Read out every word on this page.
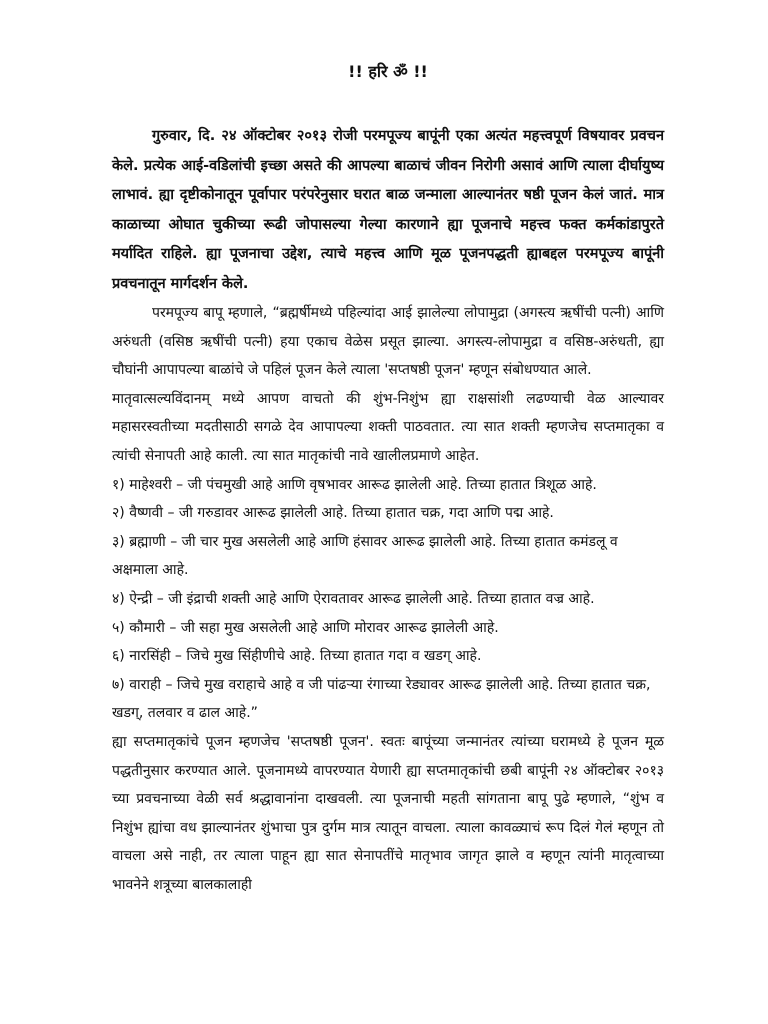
!! हरि ॐ !!

गुरुवार, दि. २४ ऑक्टोबर २०१३ रोजी परमपूज्य बापूंनी एका अत्यंत महत्त्वपूर्ण विषयावर प्रवचन केले. प्रत्येक आई-वडिलांची इच्छा असते की आपल्या बाळाचं जीवन निरोगी असावं आणि त्याला दीर्घायुष्य लाभावं. ह्या दृष्टीकोनातून पूर्वापार परंपरेनुसार घरात बाळ जन्माला आल्यानंतर षष्ठी पूजन केलं जातं. मात्र काळाच्या ओघात चुकीच्या रूढी जोपासल्या गेल्या कारणाने ह्या पूजनाचे महत्त्व फक्त कर्मकांडापुरते मर्यादित राहिले. ह्या पूजनाचा उद्देश, त्याचे महत्त्व आणि मूळ पूजनपद्धती ह्याबद्दल परमपूज्य बापूंनी प्रवचनातून मार्गदर्शन केले.

परमपूज्य बापू म्हणाले, “ब्रह्मर्षीमध्ये पहिल्यांदा आई झालेल्या लोपामुद्रा (अगस्त्य ऋषींची पत्नी) आणि अरुंधती (वसिष्ठ ऋषींची पत्नी) हया एकाच वेळेस प्रसूत झाल्या. अगस्त्य-लोपामुद्रा व वसिष्ठ-अरुंधती, ह्या चौघांनी आपापल्या बाळांचे जे पहिलं पूजन केले त्याला 'सप्तषष्ठी पूजन' म्हणून संबोधण्यात आले.

मातृवात्सल्यविंदानम्‌ मध्ये आपण वाचतो की शुंभ-निशुंभ ह्या राक्षसांशी लढण्याची वेळ आल्यावर महासरस्वतीच्या मदतीसाठी सगळे देव आपापल्या शक्ती पाठवतात. त्या सात शक्ती म्हणजेच सप्तमातृका व त्यांची सेनापती आहे काली. त्या सात मातृकांची नावे खालीलप्रमाणे आहेत.

१) माहेश्वरी – जी पंचमुखी आहे आणि वृषभावर आरूढ झालेली आहे. तिच्या हातात त्रिशूळ आहे.
२) वैष्णवी – जी गरुडावर आरूढ झालेली आहे. तिच्या हातात चक्र, गदा आणि पद्म आहे.
३) ब्रह्माणी – जी चार मुख असलेली आहे आणि हंसावर आरूढ झालेली आहे. तिच्या हातात कमंडलू व अक्षमाला आहे.
४) ऐन्द्री – जी इंद्राची शक्ती आहे आणि ऐरावतावर आरूढ झालेली आहे. तिच्या हातात वज्र आहे.
५) कौमारी – जी सहा मुख असलेली आहे आणि मोरावर आरूढ झालेली आहे.
६) नारसिंही – जिचे मुख सिंहीणीचे आहे. तिच्या हातात गदा व खडग्‌ आहे.
७) वाराही – जिचे मुख वराहाचे आहे व जी पांढऱ्या रंगाच्या रेड्यावर आरूढ झालेली आहे. तिच्या हातात चक्र, खडग्‌, तलवार व ढाल आहे.”

ह्या सप्तमातृकांचे पूजन म्हणजेच 'सप्तषष्ठी पूजन'. स्वतः बापूंच्या जन्मानंतर त्यांच्या घरामध्ये हे पूजन मूळ पद्धतीनुसार करण्यात आले. पूजनामध्ये वापरण्यात येणारी ह्या सप्तमातृकांची छबी बापूंनी २४ ऑक्टोबर २०१३ च्या प्रवचनाच्या वेळी सर्व श्रद्धावानांना दाखवली. त्या पूजनाची महती सांगताना बापू पुढे म्हणाले, “शुंभ व निशुंभ ह्यांचा वध झाल्यानंतर शुंभाचा पुत्र दुर्गम मात्र त्यातून वाचला. त्याला कावळ्याचं रूप दिलं गेलं म्हणून तो वाचला असे नाही, तर त्याला पाहून ह्या सात सेनापतींचे मातृभाव जागृत झाले व म्हणून त्यांनी मातृत्वाच्या भावनेने शत्रूच्या बालकालाही
